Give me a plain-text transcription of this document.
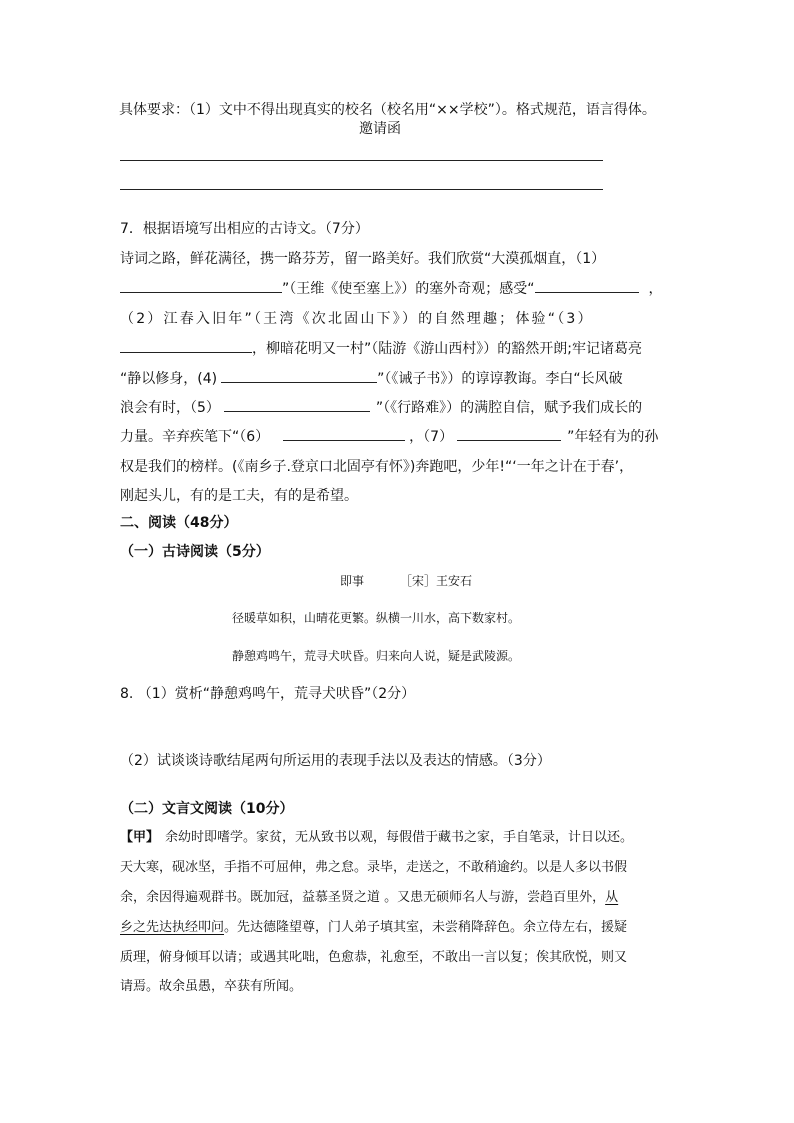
具体要求：（1）文中不得出现真实的校名（校名用“××学校”）。格式规范，语言得体。
邀请函
7．根据语境写出相应的古诗文。（7分）
诗词之路，鲜花满径，携一路芬芳，留一路美好。我们欣赏“大漠孤烟直，（1）
”（王维《使至塞上》）的塞外奇观；感受“	，
（2）江春入旧年”（王湾《次北固山下》）的自然理趣；体验“（3）
，柳暗花明又一村”（陆游《游山西村》）的豁然开朗;牢记诸葛亮
“静以修身，(4)	”（《诫子书》）的谆谆教诲。李白“长风破
浪会有时，（5）	”（《行路难》）的满腔自信，赋予我们成长的
力量。辛弃疾笔下“（6）	，（7）	”年轻有为的孙
权是我们的榜样。(《南乡子.登京口北固亭有怀》)奔跑吧，少年!“‘一年之计在于春’，
刚起头儿，有的是工夫，有的是希望。
二、阅读（48分）
（一）古诗阅读（5分）
即事	［宋］王安石
径暖草如积，山晴花更繁。纵横一川水，高下数家村。
静憩鸡鸣午，荒寻犬吠昏。归来向人说，疑是武陵源。
8. （1）赏析“静憩鸡鸣午，荒寻犬吠昏”（2分）
（2）试谈谈诗歌结尾两句所运用的表现手法以及表达的情感。（3分）
（二）文言文阅读（10分）
【甲】 余幼时即嗜学。家贫，无从致书以观，每假借于藏书之家，手自笔录，计日以还。
天大寒，砚冰坚，手指不可屈伸，弗之怠。录毕，走送之，不敢稍逾约。以是人多以书假
余，余因得遍观群书。既加冠，益慕圣贤之道 。又患无硕师名人与游，尝趋百里外，从
乡之先达执经叩问。先达德隆望尊，门人弟子填其室，未尝稍降辞色。余立侍左右，援疑
质理，俯身倾耳以请；或遇其叱咄，色愈恭，礼愈至，不敢出一言以复；俟其欣悦，则又
请焉。故余虽愚，卒获有所闻。
